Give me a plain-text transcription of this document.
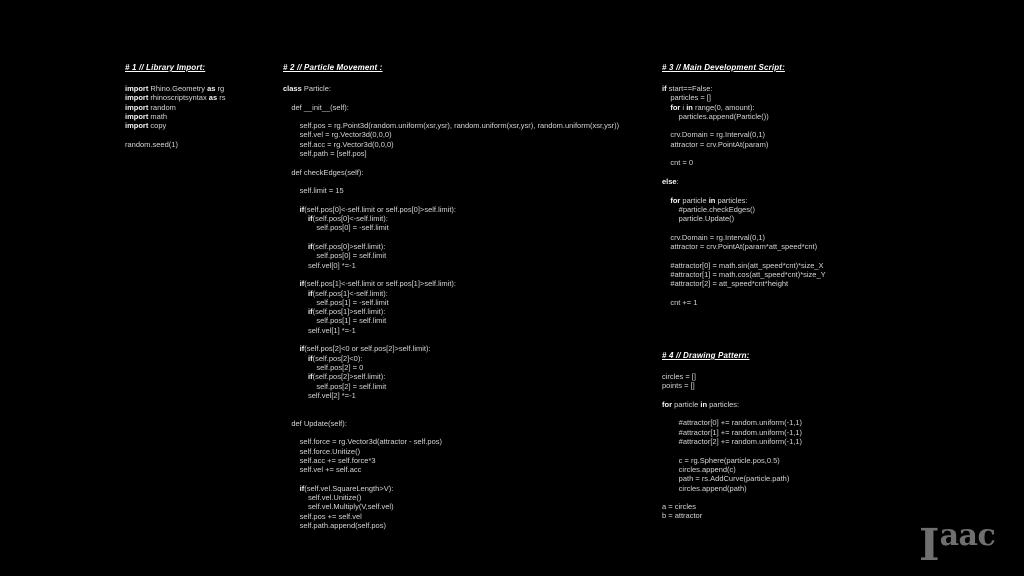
# 1 // Library Import:
import Rhino.Geometry as rg
import rhinoscriptsyntax as rs
import random
import math
import copy

random.seed(1)
# 2 // Particle Movement :
class Particle:

def __init__(self):

self.pos = rg.Point3d(random.uniform(xsr,ysr), random.uniform(xsr,ysr), random.uniform(xsr,ysr))
self.vel = rg.Vector3d(0,0,0)
self.acc = rg.Vector3d(0,0,0)
self.path = [self.pos]

def checkEdges(self):

self.limit = 15

if(self.pos[0]<-self.limit or self.pos[0]>self.limit):
if(self.pos[0]<-self.limit):
self.pos[0] = -self.limit

if(self.pos[0]>self.limit):
self.pos[0] = self.limit
self.vel[0] *=-1

if(self.pos[1]<-self.limit or self.pos[1]>self.limit):
if(self.pos[1]<-self.limit):
self.pos[1] = -self.limit
if(self.pos[1]>self.limit):
self.pos[1] = self.limit
self.vel[1] *=-1

if(self.pos[2]<0 or self.pos[2]>self.limit):
if(self.pos[2]<0):
self.pos[2] = 0
if(self.pos[2]>self.limit):
self.pos[2] = self.limit
self.vel[2] *=-1

def Update(self):

self.force = rg.Vector3d(attractor - self.pos)
self.force.Unitize()
self.acc += self.force*3
self.vel += self.acc

if(self.vel.SquareLength>V):
self.vel.Unitize()
self.vel.Multiply(V,self.vel)
self.pos += self.vel
self.path.append(self.pos)
# 3 // Main Development Script:
if start==False:
particles = []
for i in range(0, amount):
particles.append(Particle())

crv.Domain = rg.Interval(0,1)
attractor = crv.PointAt(param)

cnt = 0

else:

for particle in particles:
#particle.checkEdges()
particle.Update()

crv.Domain = rg.Interval(0,1)
attractor = crv.PointAt(param*att_speed*cnt)

#attractor[0] = math.sin(att_speed*cnt)*size_X
#attractor[1] = math.cos(att_speed*cnt)*size_Y
#attractor[2] = att_speed*cnt*height

cnt += 1
# 4 // Drawing Pattern:
circles = []
points = []

for particle in particles:

#attractor[0] += random.uniform(-1,1)
#attractor[1] += random.uniform(-1,1)
#attractor[2] += random.uniform(-1,1)

c = rg.Sphere(particle.pos,0.5)
circles.append(c)
path = rs.AddCurve(particle.path)
circles.append(path)

a = circles
b = attractor
Iaac
